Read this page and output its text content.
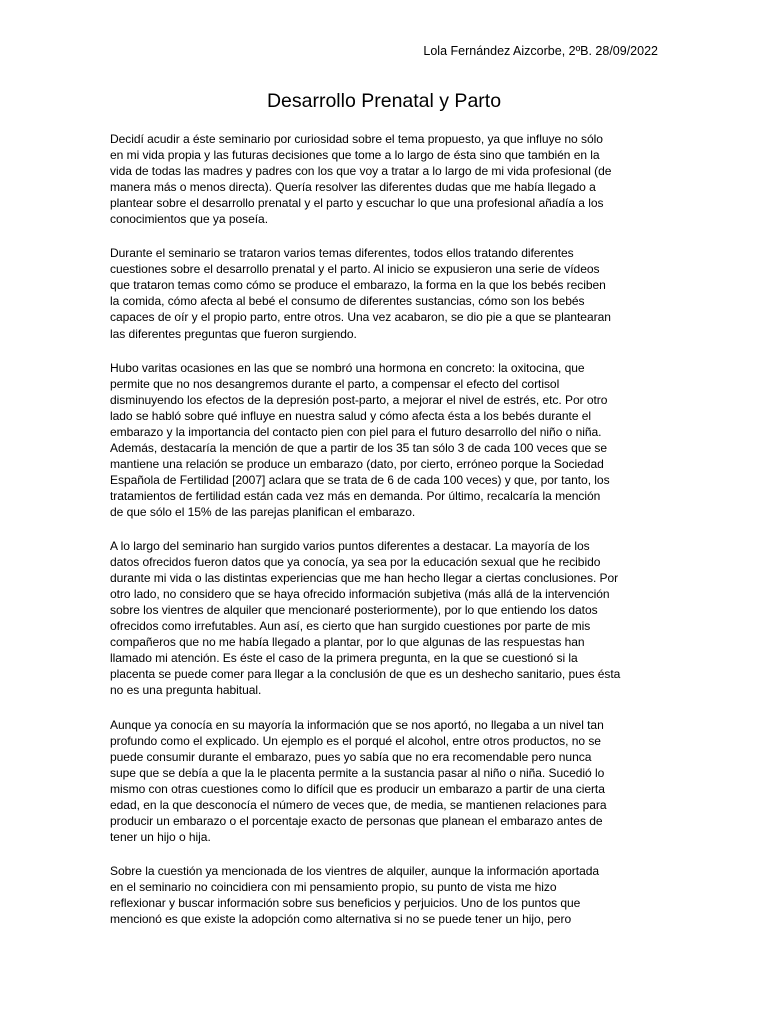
Lola Fernández Aizcorbe, 2ºB. 28/09/2022
Desarrollo Prenatal y Parto

Decidí acudir a éste seminario por curiosidad sobre el tema propuesto, ya que influye no sólo
en mi vida propia y las futuras decisiones que tome a lo largo de ésta sino que también en la
vida de todas las madres y padres con los que voy a tratar a lo largo de mi vida profesional (de
manera más o menos directa). Quería resolver las diferentes dudas que me había llegado a
plantear sobre el desarrollo prenatal y el parto y escuchar lo que una profesional añadía a los
conocimientos que ya poseía.

Durante el seminario se trataron varios temas diferentes, todos ellos tratando diferentes
cuestiones sobre el desarrollo prenatal y el parto. Al inicio se expusieron una serie de vídeos
que trataron temas como cómo se produce el embarazo, la forma en la que los bebés reciben
la comida, cómo afecta al bebé el consumo de diferentes sustancias, cómo son los bebés
capaces de oír y el propio parto, entre otros. Una vez acabaron, se dio pie a que se plantearan
las diferentes preguntas que fueron surgiendo.

Hubo varitas ocasiones en las que se nombró una hormona en concreto: la oxitocina, que
permite que no nos desangremos durante el parto, a compensar el efecto del cortisol
disminuyendo los efectos de la depresión post-parto, a mejorar el nivel de estrés, etc. Por otro
lado se habló sobre qué influye en nuestra salud y cómo afecta ésta a los bebés durante el
embarazo y la importancia del contacto pien con piel para el futuro desarrollo del niño o niña.
Además, destacaría la mención de que a partir de los 35 tan sólo 3 de cada 100 veces que se
mantiene una relación se produce un embarazo (dato, por cierto, erróneo porque la Sociedad
Española de Fertilidad [2007] aclara que se trata de 6 de cada 100 veces) y que, por tanto, los
tratamientos de fertilidad están cada vez más en demanda. Por último, recalcaría la mención
de que sólo el 15% de las parejas planifican el embarazo.

A lo largo del seminario han surgido varios puntos diferentes a destacar. La mayoría de los
datos ofrecidos fueron datos que ya conocía, ya sea por la educación sexual que he recibido
durante mi vida o las distintas experiencias que me han hecho llegar a ciertas conclusiones. Por
otro lado, no considero que se haya ofrecido información subjetiva (más allá de la intervención
sobre los vientres de alquiler que mencionaré posteriormente), por lo que entiendo los datos
ofrecidos como irrefutables. Aun así, es cierto que han surgido cuestiones por parte de mis
compañeros que no me había llegado a plantar, por lo que algunas de las respuestas han
llamado mi atención. Es éste el caso de la primera pregunta, en la que se cuestionó si la
placenta se puede comer para llegar a la conclusión de que es un deshecho sanitario, pues ésta
no es una pregunta habitual.

Aunque ya conocía en su mayoría la información que se nos aportó, no llegaba a un nivel tan
profundo como el explicado. Un ejemplo es el porqué el alcohol, entre otros productos, no se
puede consumir durante el embarazo, pues yo sabía que no era recomendable pero nunca
supe que se debía a que la le placenta permite a la sustancia pasar al niño o niña. Sucedió lo
mismo con otras cuestiones como lo difícil que es producir un embarazo a partir de una cierta
edad, en la que desconocía el número de veces que, de media, se mantienen relaciones para
producir un embarazo o el porcentaje exacto de personas que planean el embarazo antes de
tener un hijo o hija.

Sobre la cuestión ya mencionada de los vientres de alquiler, aunque la información aportada
en el seminario no coincidiera con mi pensamiento propio, su punto de vista me hizo
reflexionar y buscar información sobre sus beneficios y perjuicios. Uno de los puntos que
mencionó es que existe la adopción como alternativa si no se puede tener un hijo, pero
